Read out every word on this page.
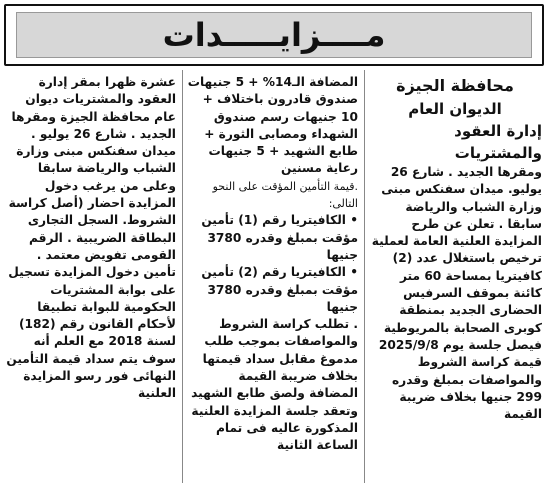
مــــزايـــــدات

محافظة الجيزة

الديوان العام

إدارة العقود والمشتريات

ومقرها الجديد . شارع 26 يوليو. ميدان سفنكس مبنى وزارة الشباب والرياضة سابقا . تعلن عن طرح المزايدة العلنية العامة لعملية ترخيص باستغلال عدد (2) كافيتريا بمساحة 60 متر كائنة بموقف السرفيس الحضارى الجديد بمنطقة كوبرى الصحابة بالمريوطية فيصل جلسة يوم 2025/9/8 قيمة كراسة الشروط والمواصفات بمبلغ وقدره 299 جنيها بخلاف ضريبة القيمة

المضافة الـ14% + 5 جنيهات صندوق قادرون باختلاف + 10 جنيهات رسم صندوق الشهداء ومصابى الثورة + طابع الشهيد + 5 جنيهات رعاية مسنين

.قيمة التأمين المؤقت على النحو التالى:

• الكافيتريا رقم (1) تأمين مؤقت بمبلغ وقدره 3780 جنيها

• الكافيتريا رقم (2) تأمين مؤقت بمبلغ وقدره 3780 جنيها

. تطلب كراسة الشروط والمواصفات بموجب طلب مدموغ مقابل سداد قيمتها بخلاف ضريبة القيمة المضافة ولصق طابع الشهيد وتعقد جلسة المزايدة العلنية المذكورة عاليه فى تمام الساعة الثانية

عشرة ظهرا بمقر إدارة العقود والمشتريات ديوان عام محافظة الجيزة ومقرها الجديد . شارع 26 يوليو . ميدان سفنكس مبنى وزارة الشباب والرياضة سابقا وعلى من يرغب دخول المزايدة احضار (أصل كراسة الشروط. السجل التجارى البطاقة الضريبية . الرقم القومى تفويض معتمد .

تأمين دخول المزايدة تسجيل على بوابة المشتريات الحكومية للبوابة تطبيقا لأحكام القانون رقم (182) لسنة 2018 مع العلم أنه سوف يتم سداد قيمة التأمين النهائى فور رسو المزايدة العلنية
